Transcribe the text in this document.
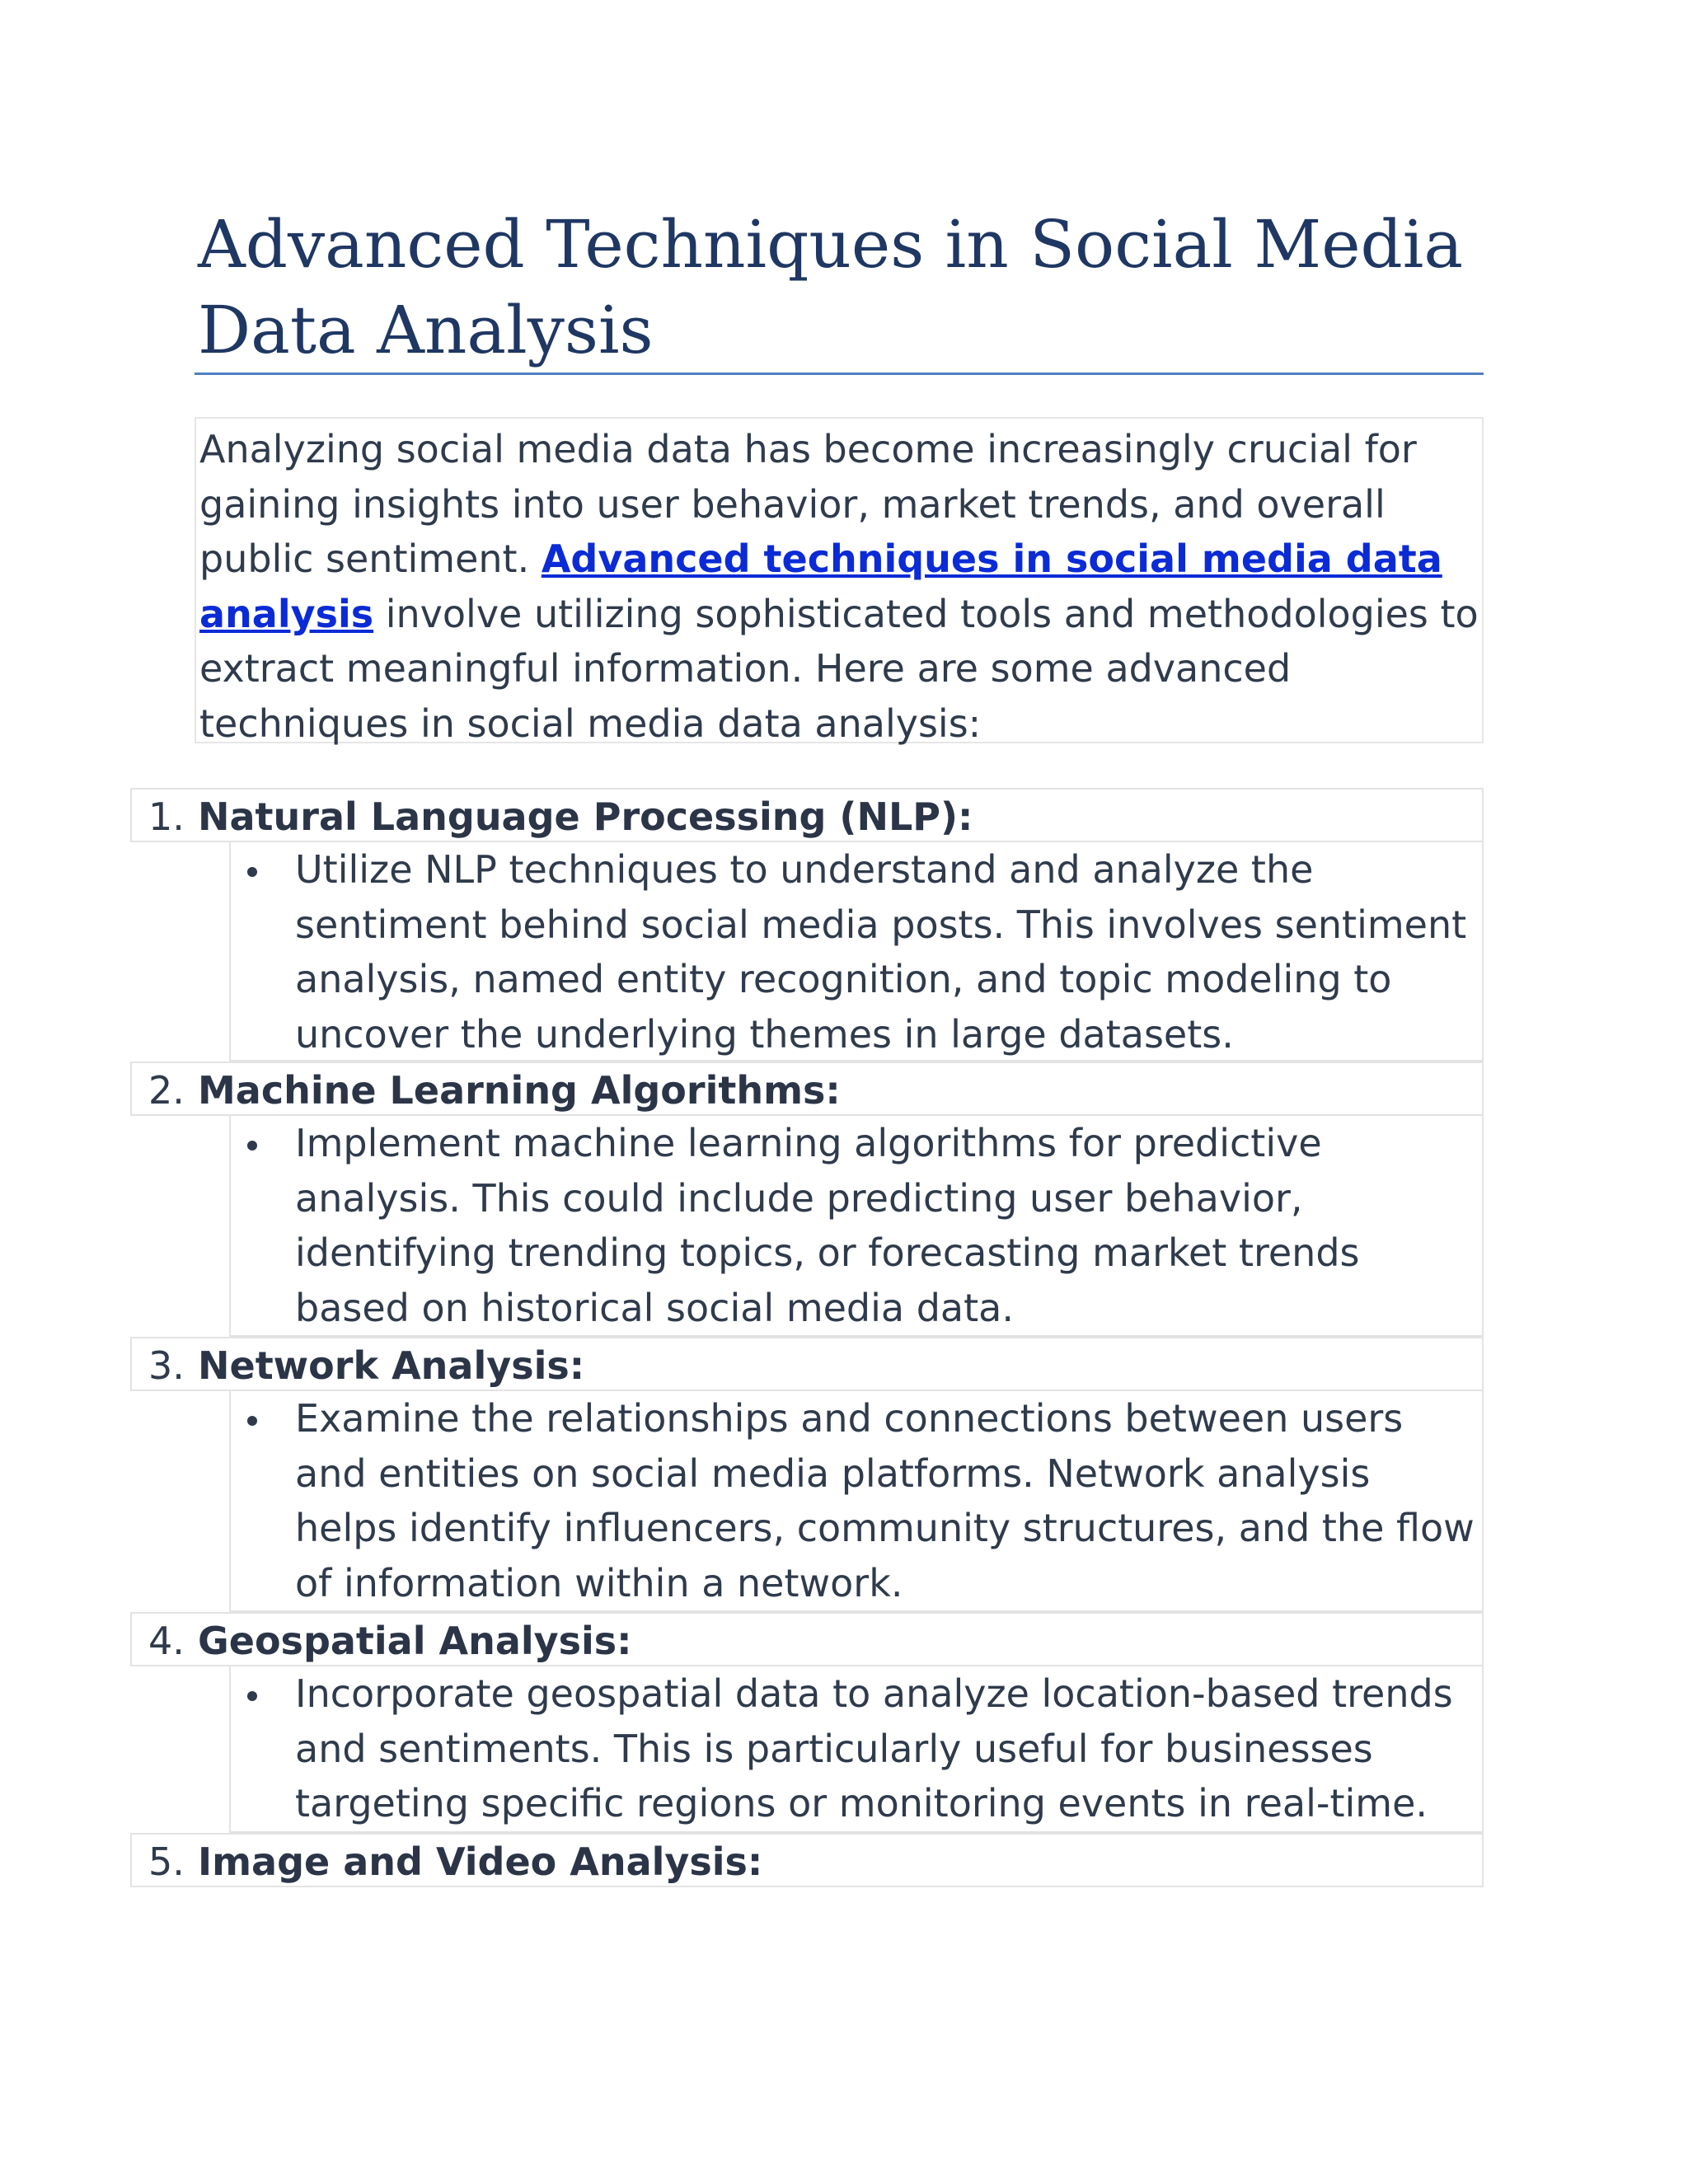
Advanced Techniques in Social Media Data Analysis

Analyzing social media data has become increasingly crucial for gaining insights into user behavior, market trends, and overall public sentiment. Advanced techniques in social media data analysis involve utilizing sophisticated tools and methodologies to extract meaningful information. Here are some advanced techniques in social media data analysis:

1. Natural Language Processing (NLP):

Utilize NLP techniques to understand and analyze the sentiment behind social media posts. This involves sentiment analysis, named entity recognition, and topic modeling to uncover the underlying themes in large datasets.

2. Machine Learning Algorithms:

Implement machine learning algorithms for predictive analysis. This could include predicting user behavior, identifying trending topics, or forecasting market trends based on historical social media data.

3. Network Analysis:

Examine the relationships and connections between users and entities on social media platforms. Network analysis helps identify influencers, community structures, and the flow of information within a network.

4. Geospatial Analysis:

Incorporate geospatial data to analyze location-based trends and sentiments. This is particularly useful for businesses targeting specific regions or monitoring events in real-time.

5. Image and Video Analysis:
